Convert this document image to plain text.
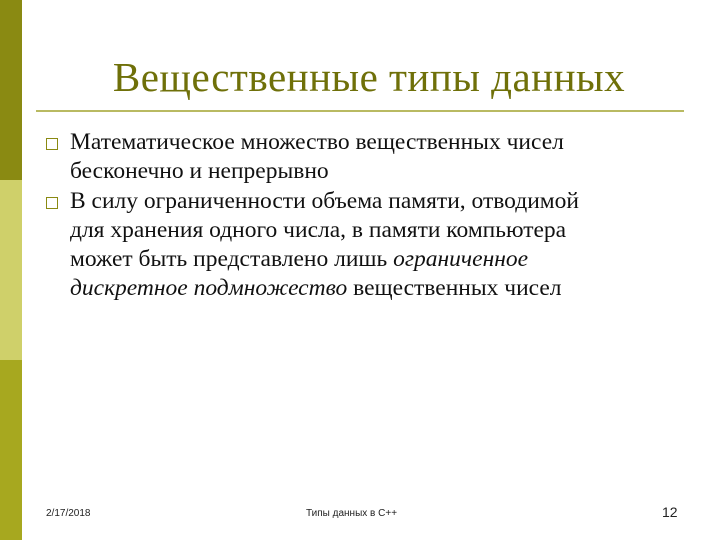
Вещественные типы данных
Математическое множество вещественных чисел
бесконечно и непрерывно
В силу ограниченности объема памяти, отводимой
для хранения одного числа, в памяти компьютера
может быть представлено лишь ограниченное
дискретное подмножество вещественных чисел
2/17/2018	Типы данных в С++	12
